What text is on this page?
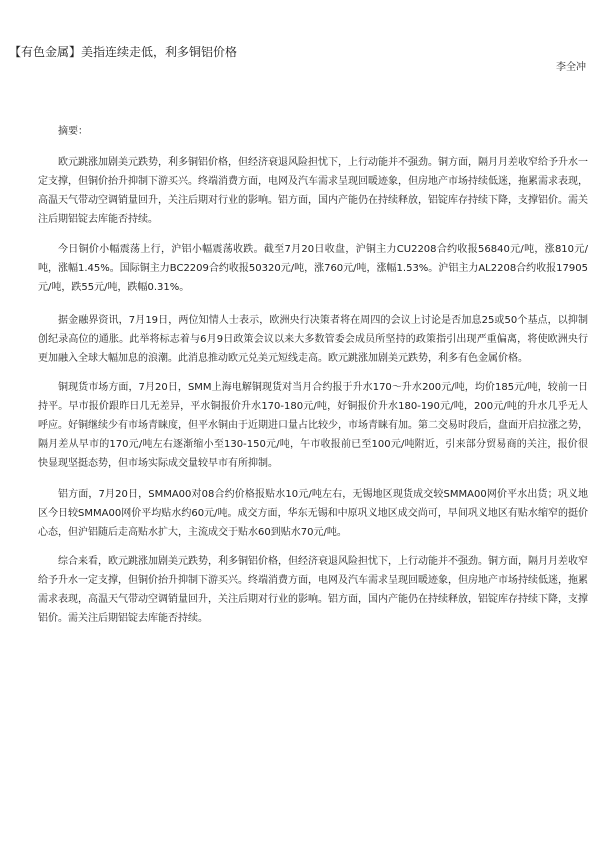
【有色金属】美指连续走低，利多铜铝价格
李全冲
摘要：

欧元跳涨加剧美元跌势，利多铜铝价格，但经济衰退风险担忧下，上行动能并不强劲。铜方面，隔月月差收窄给予升水一定支撑，但铜价抬升抑制下游买兴。终端消费方面，电网及汽车需求呈现回暖迹象，但房地产市场持续低迷，拖累需求表现，高温天气带动空调销量回升，关注后期对行业的影响。铝方面，国内产能仍在持续释放，铝锭库存持续下降，支撑铝价。需关注后期铝锭去库能否持续。

今日铜价小幅震荡上行，沪铝小幅震荡收跌。截至7月20日收盘，沪铜主力CU2208合约收报56840元/吨，涨810元/吨，涨幅1.45%。国际铜主力BC2209合约收报50320元/吨，涨760元/吨，涨幅1.53%。沪铝主力AL2208合约收报17905元/吨，跌55元/吨，跌幅0.31%。

据金融界资讯，7月19日，两位知情人士表示，欧洲央行决策者将在周四的会议上讨论是否加息25或50个基点，以抑制创纪录高位的通胀。此举将标志着与6月9日政策会议以来大多数管委会成员所坚持的政策指引出现严重偏离，将使欧洲央行更加融入全球大幅加息的浪潮。此消息推动欧元兑美元短线走高。欧元跳涨加剧美元跌势，利多有色金属价格。

铜现货市场方面，7月20日，SMM上海电解铜现货对当月合约报于升水170～升水200元/吨，均价185元/吨，较前一日持平。早市报价跟昨日几无差异，平水铜报价升水170-180元/吨，好铜报价升水180-190元/吨，200元/吨的升水几乎无人呼应。好铜继续少有市场青睐度，但平水铜由于近期进口量占比较少，市场青睐有加。第二交易时段后，盘面开启拉涨之势，隔月差从早市的170元/吨左右逐渐缩小至130-150元/吨，午市收报前已至100元/吨附近，引来部分贸易商的关注，报价很快显现坚挺态势，但市场实际成交量较早市有所抑制。

铝方面，7月20日，SMMA00对08合约价格报贴水10元/吨左右，无锡地区现货成交较SMMA00网价平水出货；巩义地区今日较SMMA00网价平均贴水约60元/吨。成交方面，华东无锡和中原巩义地区成交尚可，早间巩义地区有贴水缩窄的挺价心态，但沪铝随后走高贴水扩大，主流成交于贴水60到贴水70元/吨。

综合来看，欧元跳涨加剧美元跌势，利多铜铝价格，但经济衰退风险担忧下，上行动能并不强劲。铜方面，隔月月差收窄给予升水一定支撑，但铜价抬升抑制下游买兴。终端消费方面，电网及汽车需求呈现回暖迹象，但房地产市场持续低迷，拖累需求表现，高温天气带动空调销量回升，关注后期对行业的影响。铝方面，国内产能仍在持续释放，铝锭库存持续下降，支撑铝价。需关注后期铝锭去库能否持续。
